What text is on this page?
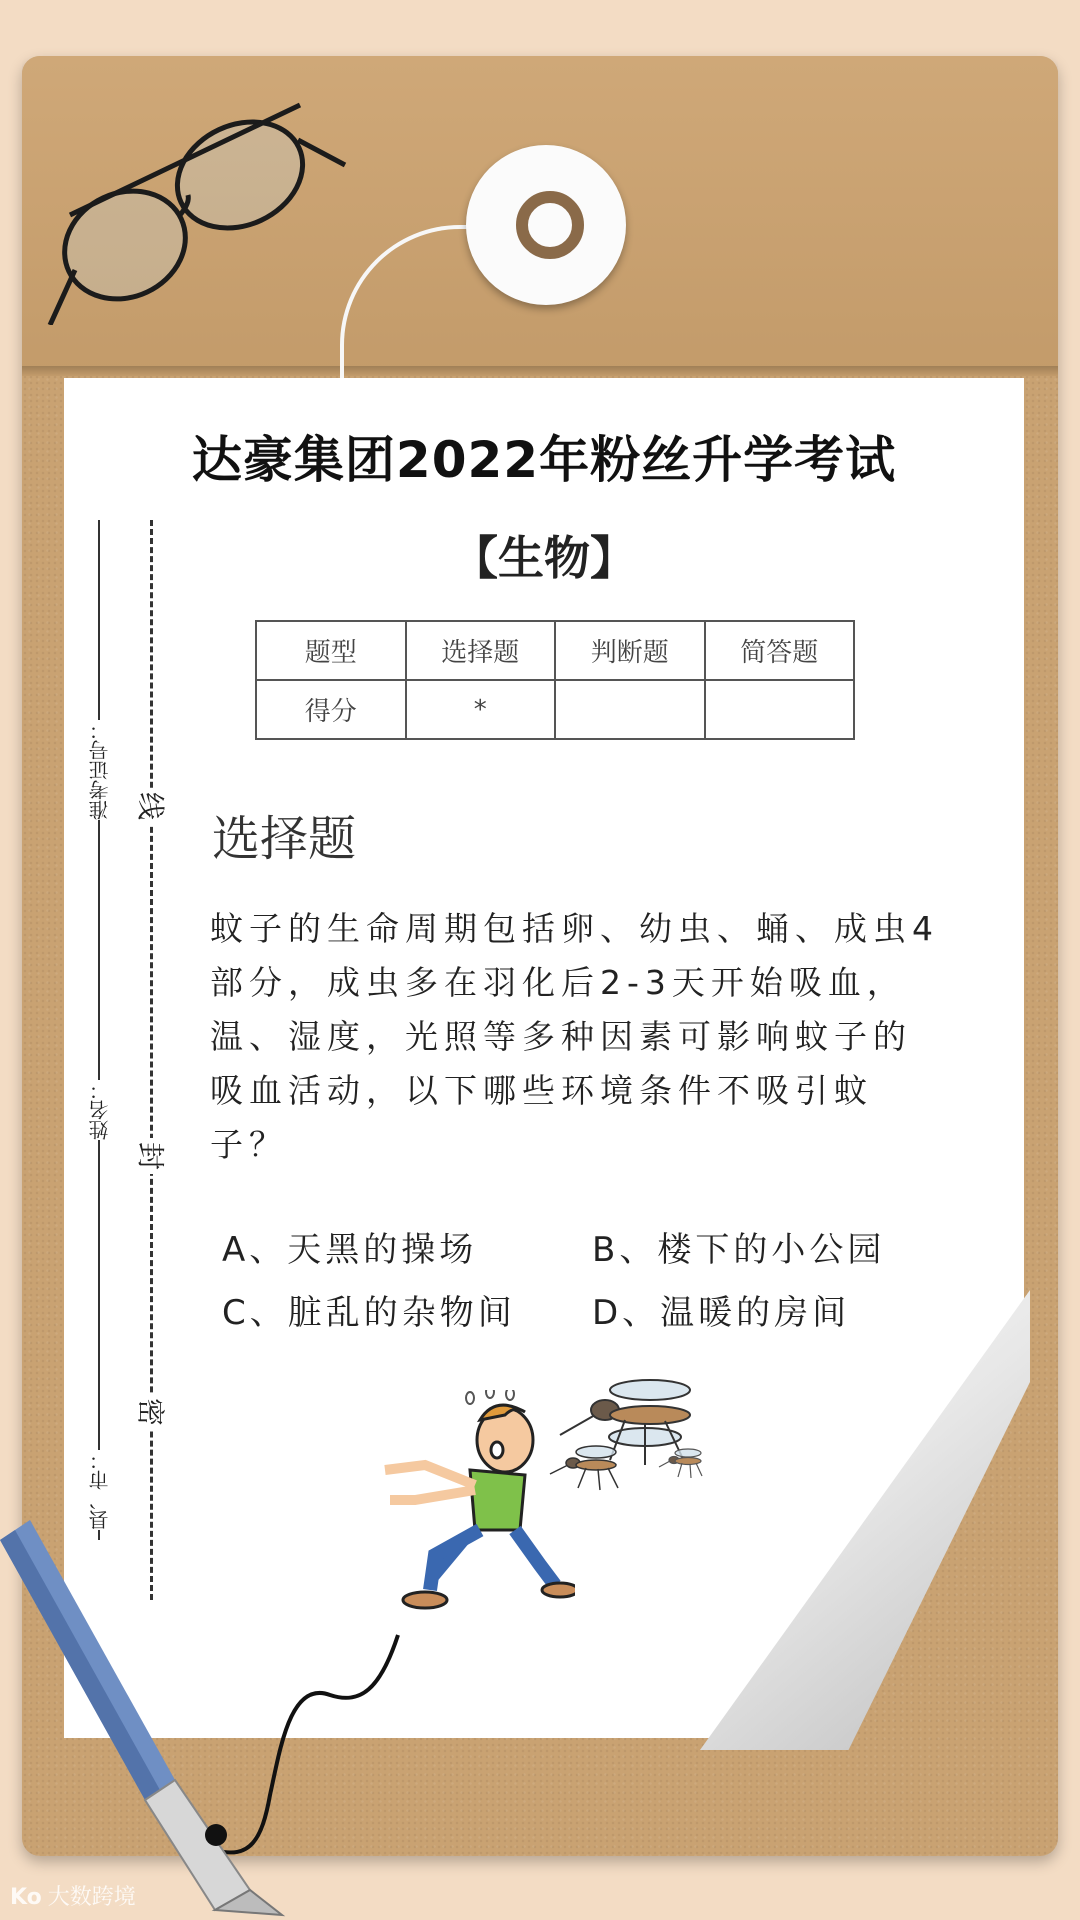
达豪集团2022年粉丝升学考试
【生物】
题型	选择题	判断题	简答题
得分	*		
准考证号：
姓名：
县、市：
线
封
密
选择题
蚊子的生命周期包括卵、幼虫、蛹、成虫4部分，成虫多在羽化后2-3天开始吸血，温、湿度，光照等多种因素可影响蚊子的吸血活动，以下哪些环境条件不吸引蚊子？
A、天黑的操场	B、楼下的小公园
C、脏乱的杂物间	D、温暖的房间
Ko 大数跨境
